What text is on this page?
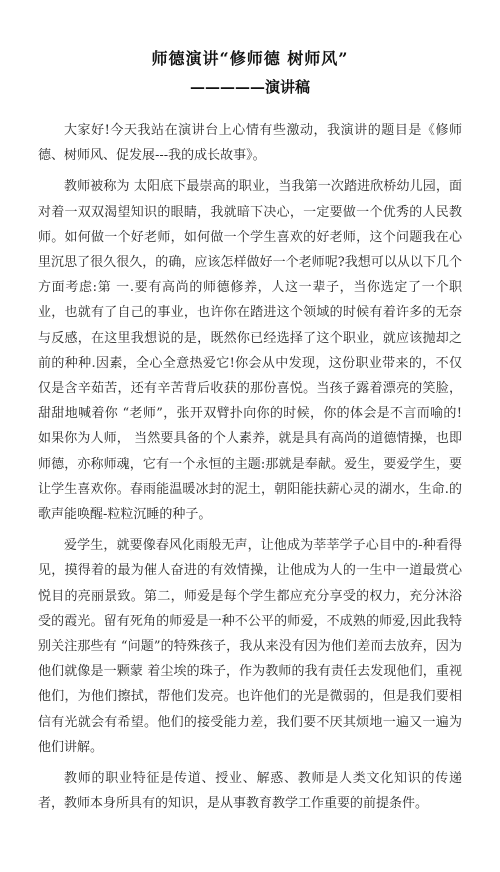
师德演讲“修师德 树师风”
—————演讲稿

大家好!今天我站在演讲台上心情有些激动，我演讲的题目是《修师德、树师风、促发展---我的成长故事》。

教师被称为 太阳底下最崇高的职业，当我第一次踏进欣桥幼儿园，面对着一双双渴望知识的眼睛，我就暗下决心，一定要做一个优秀的人民教师。如何做一个好老师，如何做一个学生喜欢的好老师，这个问题我在心里沉思了很久很久，的确，应该怎样做好一个老师呢?我想可以从以下几个方面考虑:第 一.要有高尚的师德修养，人这一辈子，当你选定了一个职业，也就有了自己的事业，也许你在踏进这个领域的时候有着许多的无奈与反感，在这里我想说的是，既然你已经选择了这个职业，就应该抛却之前的种种.因素，全心全意热爱它!你会从中发现，这份职业带来的，不仅仅是含辛茹苦，还有辛苦背后收获的那份喜悦。当孩子露着漂亮的笑脸，甜甜地喊着你 “老师”，张开双臂扑向你的时候，你的体会是不言而喻的!如果你为人师， 当然要具备的个人素养，就是具有高尚的道德情操，也即师德，亦称师魂，它有一个永恒的主题:那就是奉献。爱生，要爱学生，要让学生喜欢你。春雨能温暖冰封的泥土，朝阳能扶薪心灵的湖水，生命.的歌声能唤醒-粒粒沉睡的种子。

爱学生，就要像春风化雨般无声，让他成为莘莘学子心目中的-种看得见，摸得着的最为催人奋进的有效情操，让他成为人的一生中一道最赏心悦目的亮丽景致。第二，师爱是每个学生都应充分享受的权力，充分沐浴受的霞光。留有死角的师爱是一种不公平的师爱，不成熟的师爱,因此我特别关注那些有 “问题”的特殊孩子，我从来没有因为他们差而去放弃，因为他们就像是一颗蒙 着尘埃的珠子，作为教师的我有责任去发现他们，重视他们，为他们擦拭，帮他们发亮。也许他们的光是微弱的，但是我们要相信有光就会有希望。他们的接受能力差，我们要不厌其烦地一遍又一遍为他们讲解。

教师的职业特征是传道、授业、解惑、教师是人类文化知识的传递者，教师本身所具有的知识，是从事教育教学工作重要的前提条件。
